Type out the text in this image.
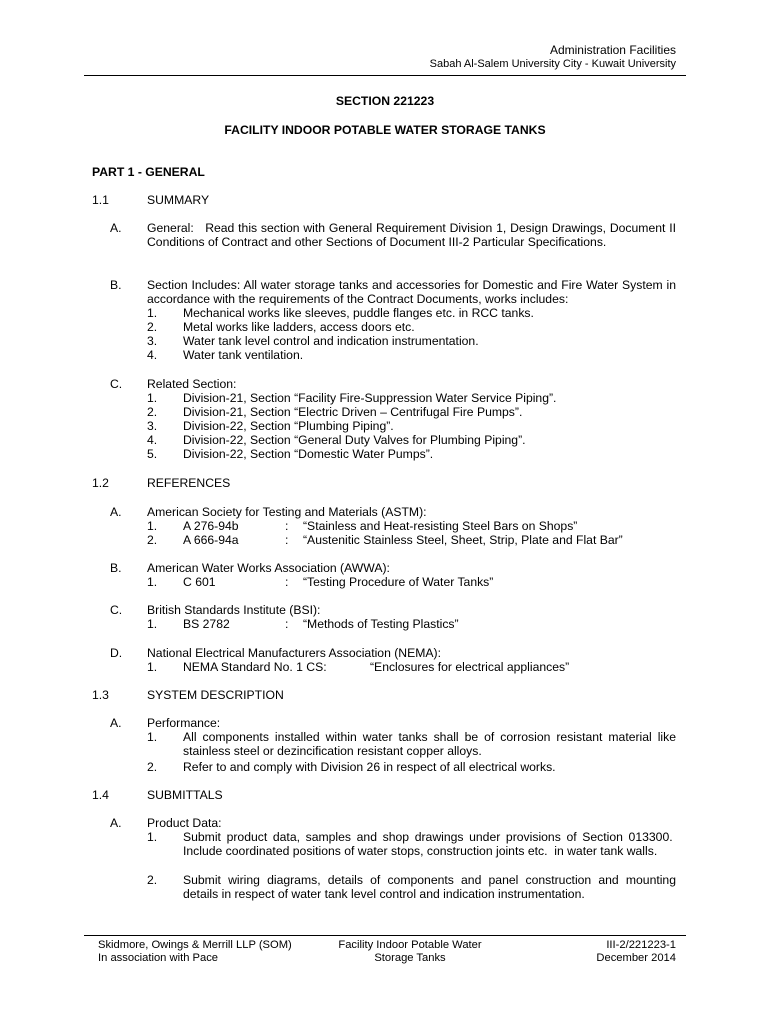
Administration Facilities
Sabah Al-Salem University City - Kuwait University
SECTION 221223
FACILITY INDOOR POTABLE WATER STORAGE TANKS
PART 1 - GENERAL
1.1	SUMMARY
A. General:   Read this section with General Requirement Division 1, Design Drawings, Document II Conditions of Contract and other Sections of Document III-2 Particular Specifications.
B. Section Includes: All water storage tanks and accessories for Domestic and Fire Water System in accordance with the requirements of the Contract Documents, works includes:
1. Mechanical works like sleeves, puddle flanges etc. in RCC tanks.
2. Metal works like ladders, access doors etc.
3. Water tank level control and indication instrumentation.
4. Water tank ventilation.
C. Related Section:
1. Division-21, Section “Facility Fire-Suppression Water Service Piping”.
2. Division-21, Section “Electric Driven – Centrifugal Fire Pumps”.
3. Division-22, Section “Plumbing Piping”.
4. Division-22, Section “General Duty Valves for Plumbing Piping”.
5. Division-22, Section “Domestic Water Pumps”.
1.2	REFERENCES
A. American Society for Testing and Materials (ASTM):
1. A 276-94b	: “Stainless and Heat-resisting Steel Bars on Shops”
2. A 666-94a	: “Austenitic Stainless Steel, Sheet, Strip, Plate and Flat Bar”
B. American Water Works Association (AWWA):
1. C 601	: “Testing Procedure of Water Tanks”
C. British Standards Institute (BSI):
1. BS 2782	: “Methods of Testing Plastics”
D. National Electrical Manufacturers Association (NEMA):
1. NEMA Standard No. 1 CS:	“Enclosures for electrical appliances”
1.3	SYSTEM DESCRIPTION
A. Performance:
1. All components installed within water tanks shall be of corrosion resistant material like stainless steel or dezincification resistant copper alloys.
2. Refer to and comply with Division 26 in respect of all electrical works.
1.4	SUBMITTALS
A. Product Data:
1. Submit product data, samples and shop drawings under provisions of Section 013300.  Include coordinated positions of water stops, construction joints etc.  in water tank walls.
2. Submit wiring diagrams, details of components and panel construction and mounting details in respect of water tank level control and indication instrumentation.
Skidmore, Owings & Merrill LLP (SOM)
In association with Pace
Facility Indoor Potable Water
Storage Tanks
III-2/221223-1
December 2014
